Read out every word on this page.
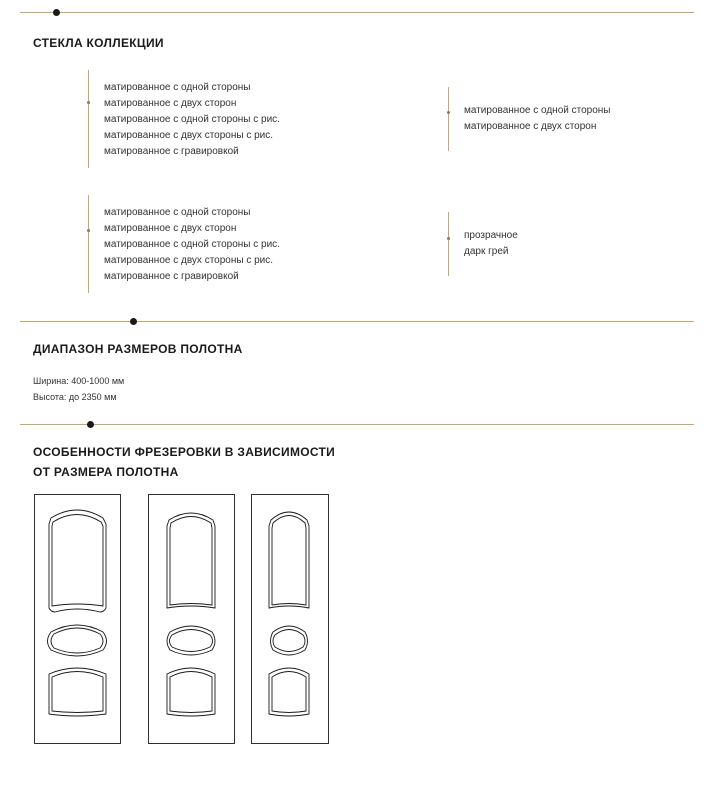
СТЕКЛА КОЛЛЕКЦИИ
матированное с одной стороны
матированное с двух сторон
матированное с одной стороны с рис.
матированное с двух стороны с рис.
матированное с гравировкой
матированное с одной стороны
матированное с двух сторон
матированное с одной стороны
матированное с двух сторон
матированное с одной стороны с рис.
матированное с двух стороны с рис.
матированное с гравировкой
прозрачное
дарк грей
ДИАПАЗОН РАЗМЕРОВ ПОЛОТНА
Ширина: 400-1000 мм
Высота: до 2350 мм
ОСОБЕННОСТИ ФРЕЗЕРОВКИ В ЗАВИСИМОСТИ
ОТ РАЗМЕРА ПОЛОТНА
